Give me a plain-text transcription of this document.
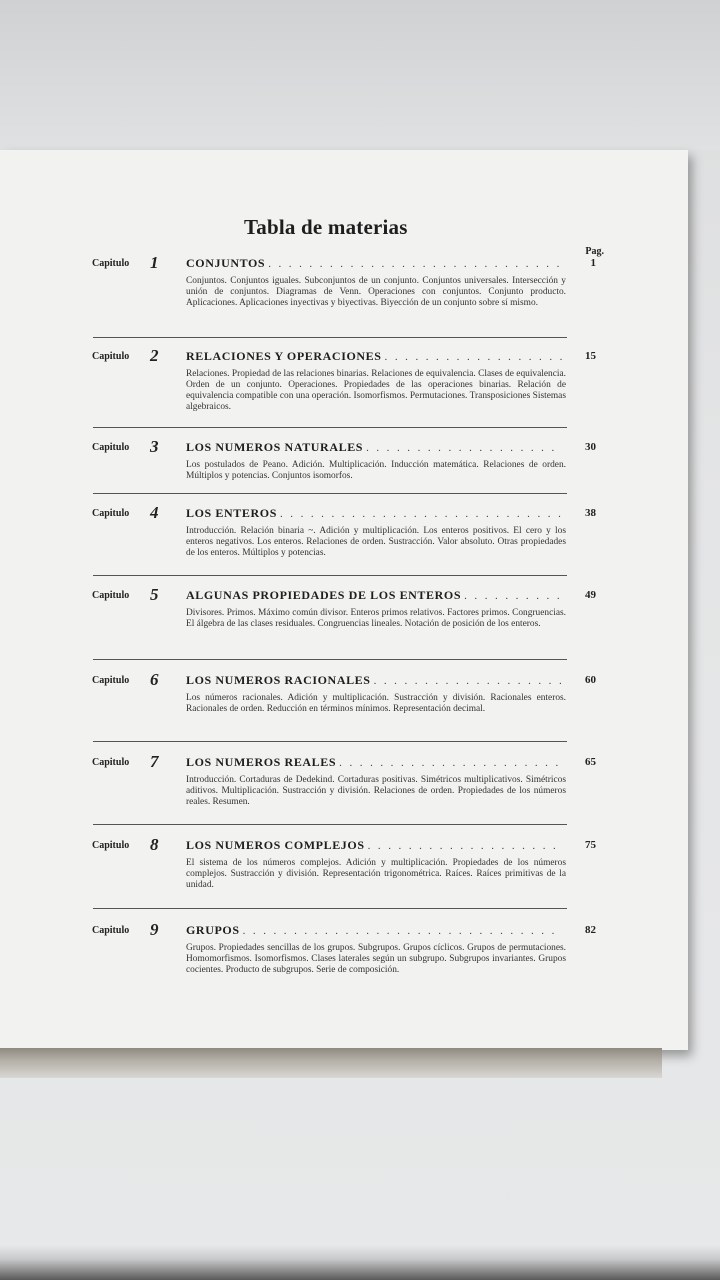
Tabla de materias
Pag.
Capitulo 1 CONJUNTOS . . .	1
Conjuntos. Conjuntos iguales. Subconjuntos de un conjunto. Conjuntos universales. Intersección y unión de conjuntos. Diagramas de Venn. Operaciones con conjuntos. Conjunto producto. Aplicaciones. Aplicaciones inyectivas y biyectivas. Biyección de un conjunto sobre sí mismo.
Capitulo 2 RELACIONES Y OPERACIONES . . .	15
Relaciones. Propiedad de las relaciones binarias. Relaciones de equivalencia. Clases de equivalencia. Orden de un conjunto. Operaciones. Propiedades de las operaciones binarias. Relación de equivalencia compatible con una operación. Isomorfismos. Permutaciones. Transposiciones Sistemas algebraicos.
Capitulo 3 LOS NUMEROS NATURALES . . .	30
Los postulados de Peano. Adición. Multiplicación. Inducción matemática. Relaciones de orden. Múltiplos y potencias. Conjuntos isomorfos.
Capitulo 4 LOS ENTEROS . . .	38
Introducción. Relación binaria ~. Adición y multiplicación. Los enteros positivos. El cero y los enteros negativos. Los enteros. Relaciones de orden. Sustracción. Valor absoluto. Otras propiedades de los enteros. Múltiplos y potencias.
Capitulo 5 ALGUNAS PROPIEDADES DE LOS ENTEROS . . .	49
Divisores. Primos. Máximo común divisor. Enteros primos relativos. Factores primos. Congruencias. El álgebra de las clases residuales. Congruencias lineales. Notación de posición de los enteros.
Capitulo 6 LOS NUMEROS RACIONALES . . .	60
Los números racionales. Adición y multiplicación. Sustracción y división. Racionales enteros. Racionales de orden. Reducción en términos mínimos. Representación decimal.
Capitulo 7 LOS NUMEROS REALES . . .	65
Introducción. Cortaduras de Dedekind. Cortaduras positivas. Simétricos multiplicativos. Simétricos aditivos. Multiplicación. Sustracción y división. Relaciones de orden. Propiedades de los números reales. Resumen.
Capitulo 8 LOS NUMEROS COMPLEJOS . . .	75
El sistema de los números complejos. Adición y multiplicación. Propiedades de los números complejos. Sustracción y división. Representación trigonométrica. Raíces. Raíces primitivas de la unidad.
Capitulo 9 GRUPOS . . .	82
Grupos. Propiedades sencillas de los grupos. Subgrupos. Grupos cíclicos. Grupos de permutaciones. Homomorfismos. Isomorfismos. Clases laterales según un subgrupo. Subgrupos invariantes. Grupos cocientes. Producto de subgrupos. Serie de composición.
